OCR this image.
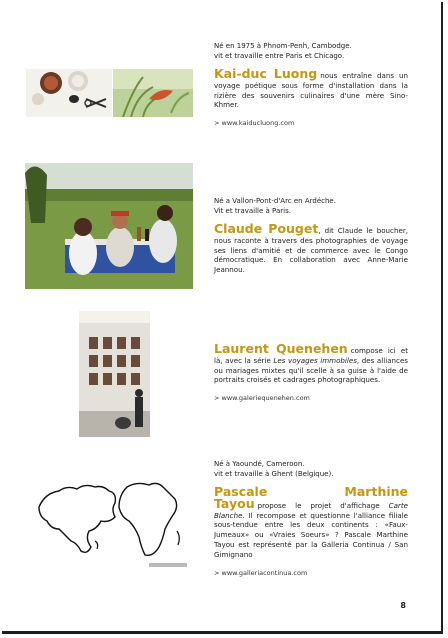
Né en 1975 à Phnom-Penh, Cambodge.
vit et travaille entre Paris et Chicago.
Kai-duc Luong nous entraîne dans un voyage poétique sous forme d'installation dans la rizière des souvenirs culinaires d'une mère Sino-Khmer.
> www.kaiducluong.com
Né a Vallon-Pont-d'Arc en Ardéche.
Vit et travaille à Paris.
Claude Pouget, dit Claude le boucher, nous raconte à travers des photographies de voyage ses liens d'amitié et de commerce avec le Congo démocratique. En collaboration avec Anne-Marie Jeannou.
Laurent Quenehen compose ici et là, avec la série Les voyages immobiles, des alliances ou mariages mixtes qu'il scelle à sa guise à l'aide de portraits croisés et cadrages photographiques.
> www.galeriequenehen.com
Né à Yaoundé, Cameroon.
vit et travaille à Ghent (Belgique).
Pascale Marthine Tayou propose le projet d'affichage Carte Blanche. Il recompose et questionne l'alliance filiale sous-tendue entre les deux continents : «Faux- Jumeaux» ou «Vraies Soeurs» ? Pascale Marthine Tayou est représenté par la Galleria Continua / San Gimignano
> www.galleriacontinua.com
8
